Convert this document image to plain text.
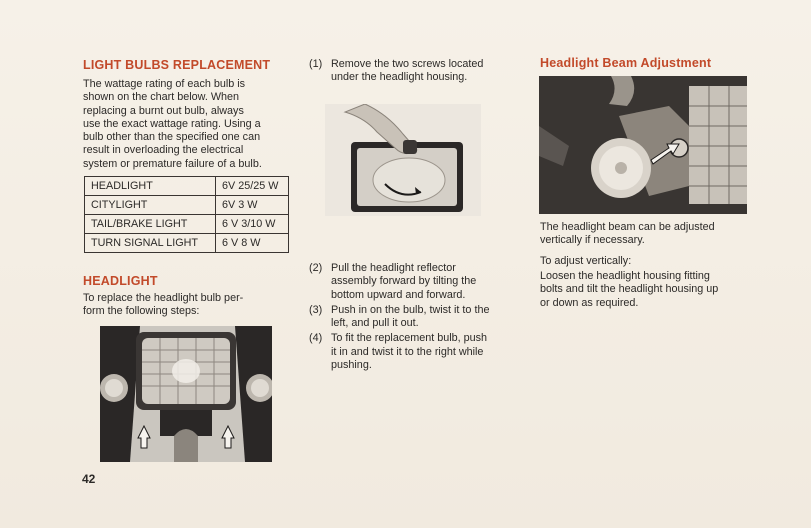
LIGHT BULBS REPLACEMENT
The wattage rating of each bulb is
shown on the chart below. When
replacing a burnt out bulb, always
use the exact wattage rating. Using a
bulb other than the specified one can
result in overloading the electrical
system or premature failure of a bulb.
HEADLIGHT	6V 25/25 W
CITYLIGHT	6V 3 W
TAIL/BRAKE LIGHT	6 V 3/10 W
TURN SIGNAL LIGHT	6 V 8 W
HEADLIGHT
To replace the headlight bulb per-
form the following steps:
42
(1) Remove the two screws located
under the headlight housing.
(2) Pull the headlight reflector
assembly forward by tilting the
bottom upward and forward.
(3) Push in on the bulb, twist it to the
left, and pull it out.
(4) To fit the replacement bulb, push
it in and twist it to the right while
pushing.
Headlight Beam Adjustment
The headlight beam can be adjusted
vertically if necessary.
To adjust vertically:
Loosen the headlight housing fitting
bolts and tilt the headlight housing up
or down as required.
